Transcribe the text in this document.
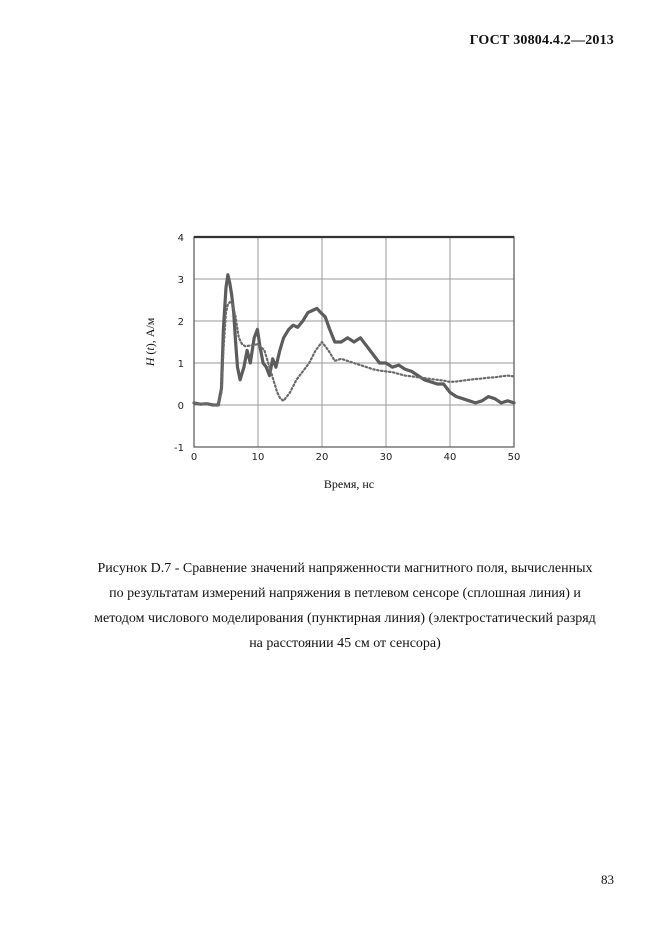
ГОСТ 30804.4.2—2013
4
3
2
1
0
-1
0	10	20	30	40	50
H (t), А/м
Время, нс
Рисунок D.7 - Сравнение значений напряженности магнитного поля, вычисленных
по результатам измерений напряжения в петлевом сенсоре (сплошная линия) и
методом числового моделирования (пунктирная линия) (электростатический разряд
на расстоянии 45 см от сенсора)
83
